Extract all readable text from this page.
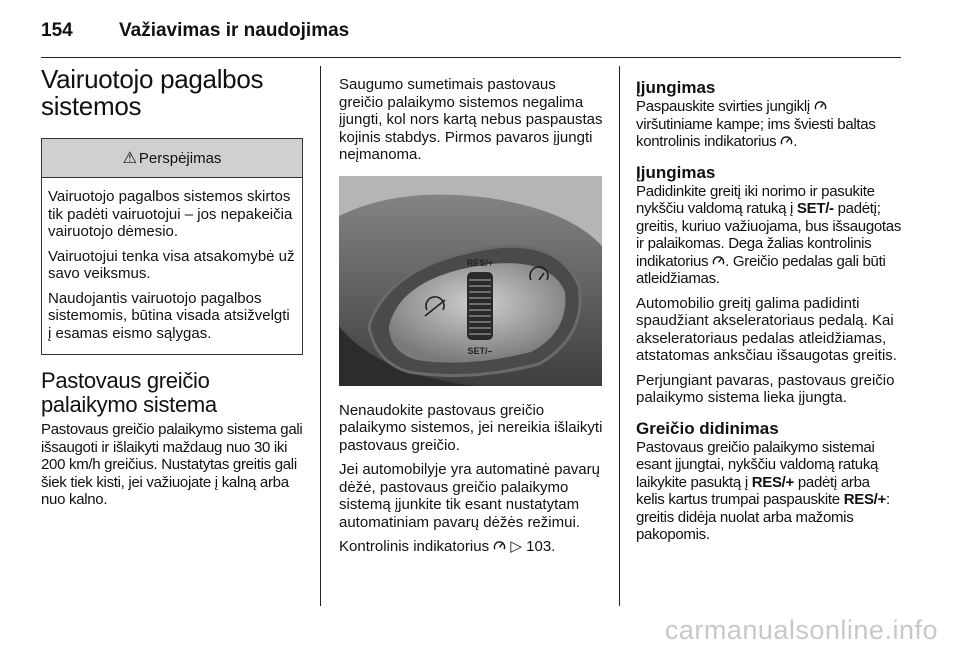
154 Važiavimas ir naudojimas
Vairuotojo pagalbos sistemos
⚠ Perspėjimas

Vairuotojo pagalbos sistemos skirtos tik padėti vairuotojui – jos nepakeičia vairuotojo dėmesio.

Vairuotojui tenka visa atsakomybė už savo veiksmus.

Naudojantis vairuotojo pagalbos sistemomis, būtina visada atsižvelgti į esamas eismo sąlygas.

Pastovaus greičio palaikymo sistema

Pastovaus greičio palaikymo sistema gali išsaugoti ir išlaikyti maždaug nuo 30 iki 200 km/h greičius. Nustatytas greitis gali šiek tiek kisti, jei važiuojate į kalną arba nuo kalno.

Saugumo sumetimais pastovaus greičio palaikymo sistemos negalima įjungti, kol nors kartą nebus paspaustas kojinis stabdys. Pirmos pavaros įjungti neįmanoma.

RES/+
SET/–

Nenaudokite pastovaus greičio palaikymo sistemos, jei nereikia išlaikyti pastovaus greičio.

Jei automobilyje yra automatinė pavarų dėžė, pastovaus greičio palaikymo sistemą įjunkite tik esant nustatytam automatiniam pavarų dėžės režimui.

Kontrolinis indikatorius ▷ 103.

Įjungimas

Paspauskite svirties jungiklį  viršutiniame kampe; ims šviesti baltas kontrolinis indikatorius .

Įjungimas

Padidinkite greitį iki norimo ir pasukite nykščiu valdomą ratuką į SET/- padėtį; greitis, kuriuo važiuojama, bus išsaugotas ir palaikomas. Dega žalias kontrolinis indikatorius . Greičio pedalas gali būti atleidžiamas.

Automobilio greitį galima padidinti spaudžiant akseleratoriaus pedalą. Kai akseleratoriaus pedalas atleidžiamas, atstatomas anksčiau išsaugotas greitis.

Perjungiant pavaras, pastovaus greičio palaikymo sistema lieka įjungta.

Greičio didinimas

Pastovaus greičio palaikymo sistemai esant įjungtai, nykščiu valdomą ratuką laikykite pasuktą į RES/+ padėtį arba kelis kartus trumpai paspauskite RES/+: greitis didėja nuolat arba mažomis pakopomis.

carmanualsonline.info
